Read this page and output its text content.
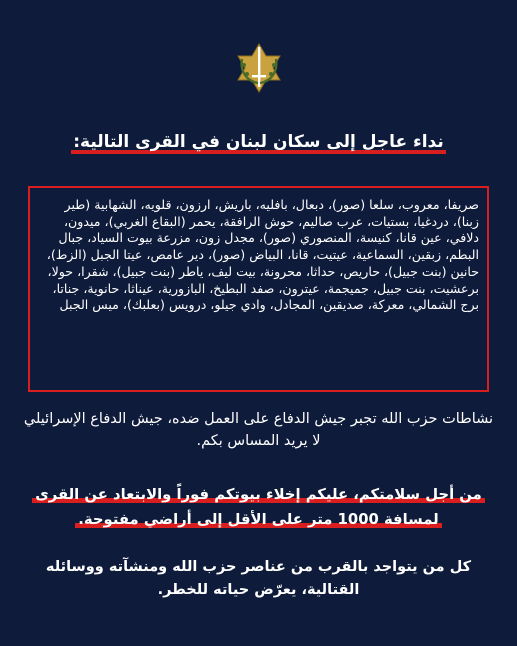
نداء عاجل إلى سكان لبنان في القرى التالية:

صريفا، معروب، سلعا (صور)، دبعال، بافليه، باريش، ارزون، قلويه، الشهابية (طير زبنا)، دردغيا، بستيات، عرب صاليم، حوش الرافقة، يحمر (البقاع الغربي)، ميدون، دلافي، عين قانا، كنيسة، المنصوري (صور)، مجدل زون، مزرعة بيوت السياد، جبال البطم، زبقين، السماعية، عيتيت، قانا، البياض (صور)، دير عامص، عيتا الجبل (الزط)، حانين (بنت جبيل)، حاريص، حداثا، محرونة، بيت ليف، ياطر (بنت جبيل)، شقرا، حولا، برعشيت، بنت جبيل، جميجمة، عيترون، صفد البطيخ، البازورية، عيناثا، حانوية، جناتا، برج الشمالي، معركة، صديقين، المجادل، وادي جيلو، درويس (بعلبك)، ميس الجبل

نشاطات حزب الله تجبر جيش الدفاع على العمل ضده، جيش الدفاع الإسرائيلي لا يريد المساس بكم.

من أجل سلامتكم، عليكم إخلاء بيوتكم فوراً والابتعاد عن القرى لمسافة 1000 متر على الأقل إلى أراضي مفتوحة.

كل من يتواجد بالقرب من عناصر حزب الله ومنشآته ووسائله القتالية، يعرّض حياته للخطر.
